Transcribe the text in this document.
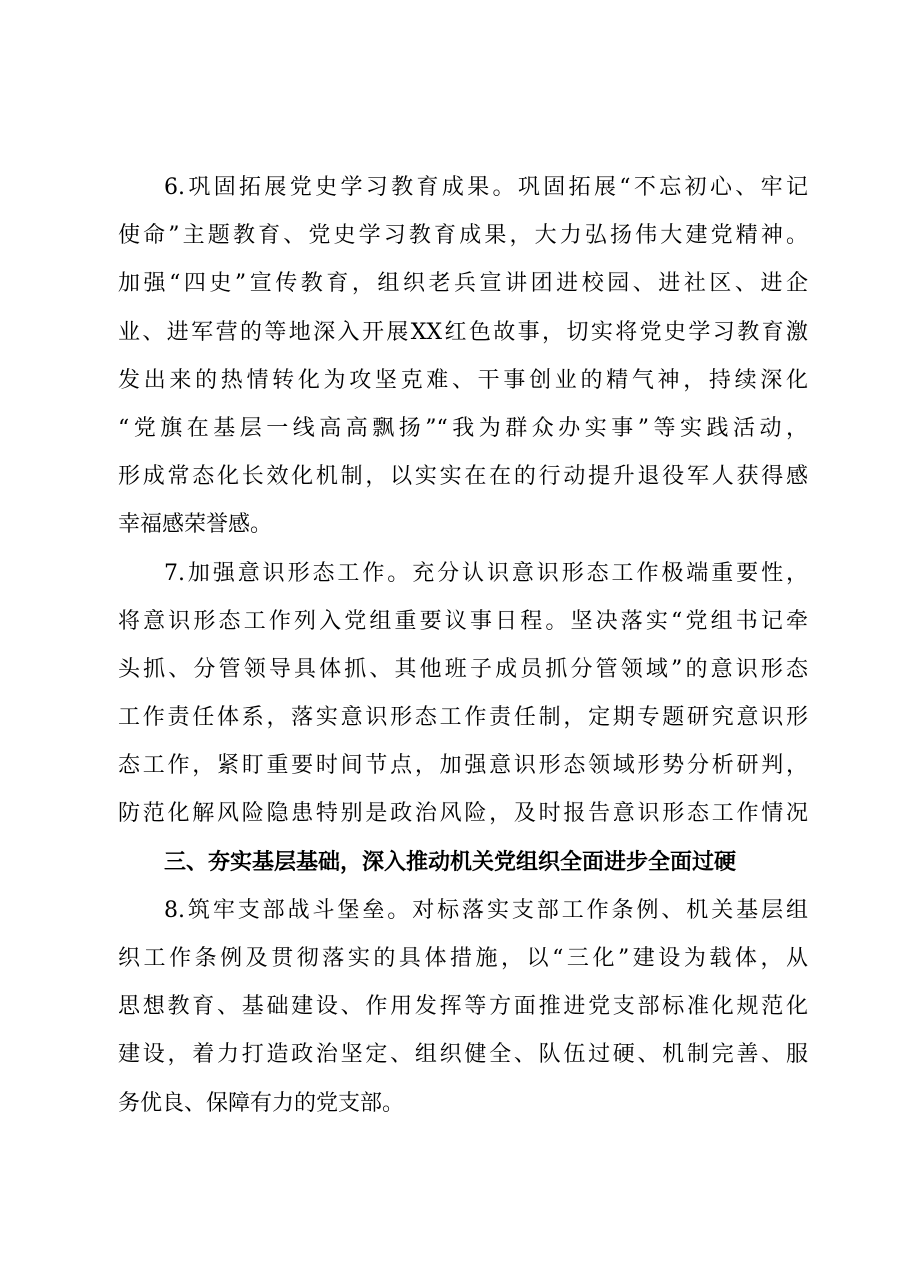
6.巩固拓展党史学习教育成果。巩固拓展“不忘初心、牢记
使命”主题教育、党史学习教育成果，大力弘扬伟大建党精神。
加强“四史”宣传教育，组织老兵宣讲团进校园、进社区、进企
业、进军营的等地深入开展XX红色故事，切实将党史学习教育激
发出来的热情转化为攻坚克难、干事创业的精气神，持续深化
“党旗在基层一线高高飘扬”“我为群众办实事”等实践活动，
形成常态化长效化机制，以实实在在的行动提升退役军人获得感
幸福感荣誉感。
7.加强意识形态工作。充分认识意识形态工作极端重要性，
将意识形态工作列入党组重要议事日程。坚决落实“党组书记牵
头抓、分管领导具体抓、其他班子成员抓分管领域”的意识形态
工作责任体系，落实意识形态工作责任制，定期专题研究意识形
态工作，紧盯重要时间节点，加强意识形态领域形势分析研判，
防范化解风险隐患特别是政治风险，及时报告意识形态工作情况
三、夯实基层基础，深入推动机关党组织全面进步全面过硬
8.筑牢支部战斗堡垒。对标落实支部工作条例、机关基层组
织工作条例及贯彻落实的具体措施，以“三化”建设为载体，从
思想教育、基础建设、作用发挥等方面推进党支部标准化规范化
建设，着力打造政治坚定、组织健全、队伍过硬、机制完善、服
务优良、保障有力的党支部。
